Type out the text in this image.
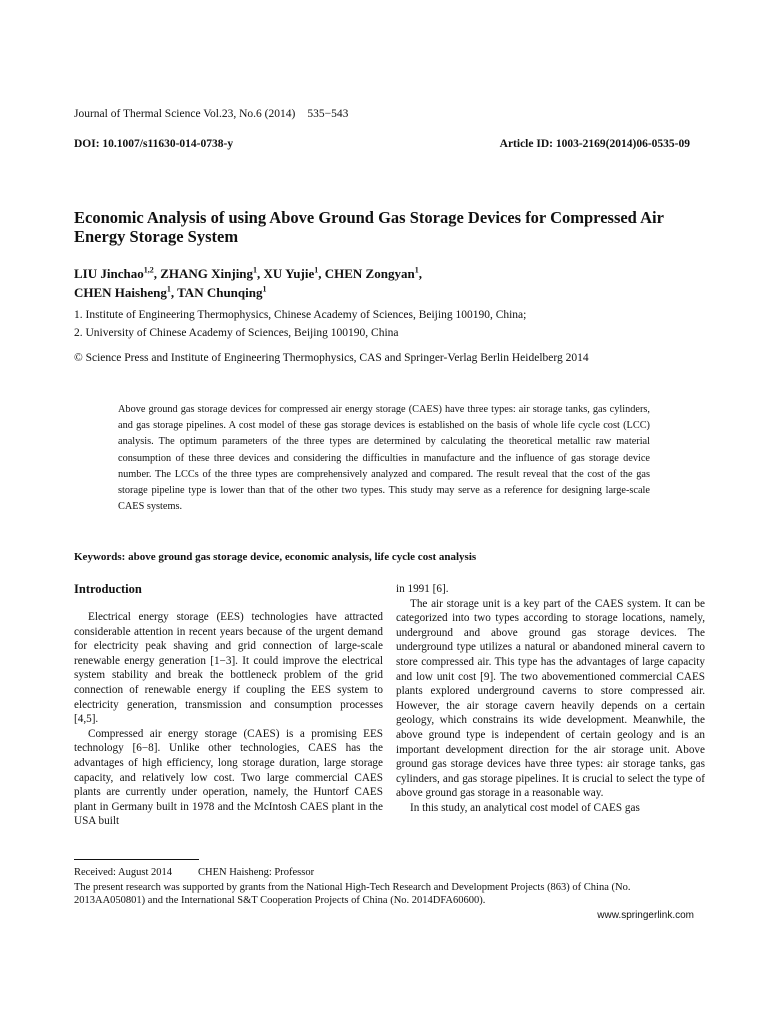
Journal of Thermal Science Vol.23, No.6 (2014) 535−543
DOI: 10.1007/s11630-014-0738-y	Article ID: 1003-2169(2014)06-0535-09
Economic Analysis of using Above Ground Gas Storage Devices for Compressed Air Energy Storage System
LIU Jinchao$^{1,2}$, ZHANG Xinjing$^1$, XU Yujie$^1$, CHEN Zongyan$^1$,
CHEN Haisheng$^1$, TAN Chunqing$^1$
1. Institute of Engineering Thermophysics, Chinese Academy of Sciences, Beijing 100190, China;
2. University of Chinese Academy of Sciences, Beijing 100190, China
© Science Press and Institute of Engineering Thermophysics, CAS and Springer-Verlag Berlin Heidelberg 2014
Above ground gas storage devices for compressed air energy storage (CAES) have three types: air storage tanks, gas cylinders, and gas storage pipelines. A cost model of these gas storage devices is established on the basis of whole life cycle cost (LCC) analysis. The optimum parameters of the three types are determined by calculating the theoretical metallic raw material consumption of these three devices and considering the difficulties in manufacture and the influence of gas storage device number. The LCCs of the three types are comprehensively analyzed and compared. The result reveal that the cost of the gas storage pipeline type is lower than that of the other two types. This study may serve as a reference for designing large-scale CAES systems.
Keywords: above ground gas storage device, economic analysis, life cycle cost analysis
Introduction

Electrical energy storage (EES) technologies have attracted considerable attention in recent years because of the urgent demand for electricity peak shaving and grid connection of large-scale renewable energy generation [1−3]. It could improve the electrical system stability and break the bottleneck problem of the grid connection of renewable energy if coupling the EES system to electricity generation, transmission and consumption processes [4,5].

Compressed air energy storage (CAES) is a promising EES technology [6−8]. Unlike other technologies, CAES has the advantages of high efficiency, long storage duration, large storage capacity, and relatively low cost. Two large commercial CAES plants are currently under operation, namely, the Huntorf CAES plant in Germany built in 1978 and the McIntosh CAES plant in the USA built

in 1991 [6].

The air storage unit is a key part of the CAES system. It can be categorized into two types according to storage locations, namely, underground and above ground gas storage devices. The underground type utilizes a natural or abandoned mineral cavern to store compressed air. This type has the advantages of large capacity and low unit cost [9]. The two abovementioned commercial CAES plants explored underground caverns to store compressed air. However, the air storage cavern heavily depends on a certain geology, which constrains its wide development. Meanwhile, the above ground type is independent of certain geology and is an important development direction for the air storage unit. Above ground gas storage devices have three types: air storage tanks, gas cylinders, and gas storage pipelines. It is crucial to select the type of above ground gas storage in a reasonable way.

In this study, an analytical cost model of CAES gas

Received: August 2014 CHEN Haisheng: Professor
The present research was supported by grants from the National High-Tech Research and Development Projects (863) of China (No. 2013AA050801) and the International S&T Cooperation Projects of China (No. 2014DFA60600).
www.springerlink.com
